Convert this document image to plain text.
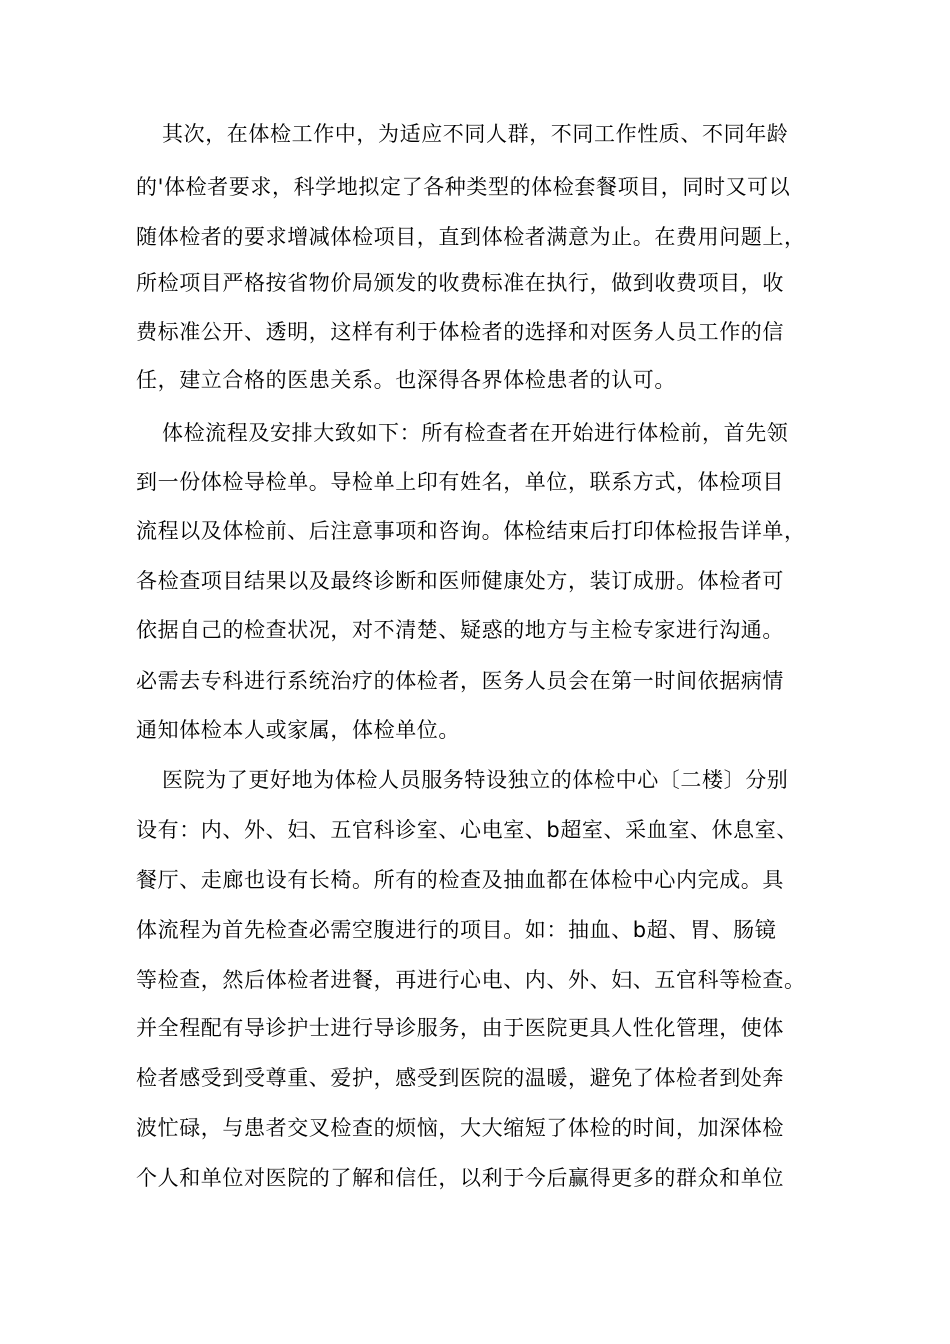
其次，在体检工作中，为适应不同人群，不同工作性质、不同年龄
的'体检者要求，科学地拟定了各种类型的体检套餐项目，同时又可以
随体检者的要求增减体检项目，直到体检者满意为止。在费用问题上，
所检项目严格按省物价局颁发的收费标准在执行，做到收费项目，收
费标准公开、透明，这样有利于体检者的选择和对医务人员工作的信
任，建立合格的医患关系。也深得各界体检患者的认可。
体检流程及安排大致如下：所有检查者在开始进行体检前，首先领
到一份体检导检单。导检单上印有姓名，单位，联系方式，体检项目
流程以及体检前、后注意事项和咨询。体检结束后打印体检报告详单，
各检查项目结果以及最终诊断和医师健康处方，装订成册。体检者可
依据自己的检查状况，对不清楚、疑惑的地方与主检专家进行沟通。
必需去专科进行系统治疗的体检者，医务人员会在第一时间依据病情
通知体检本人或家属，体检单位。
医院为了更好地为体检人员服务特设独立的体检中心〔二楼〕分别
设有：内、外、妇、五官科诊室、心电室、b超室、采血室、休息室、
餐厅、走廊也设有长椅。所有的检查及抽血都在体检中心内完成。具
体流程为首先检查必需空腹进行的项目。如：抽血、b超、胃、肠镜
等检查，然后体检者进餐，再进行心电、内、外、妇、五官科等检查。
并全程配有导诊护士进行导诊服务，由于医院更具人性化管理，使体
检者感受到受尊重、爱护，感受到医院的温暖，避免了体检者到处奔
波忙碌，与患者交叉检查的烦恼，大大缩短了体检的时间，加深体检
个人和单位对医院的了解和信任，以利于今后赢得更多的群众和单位
